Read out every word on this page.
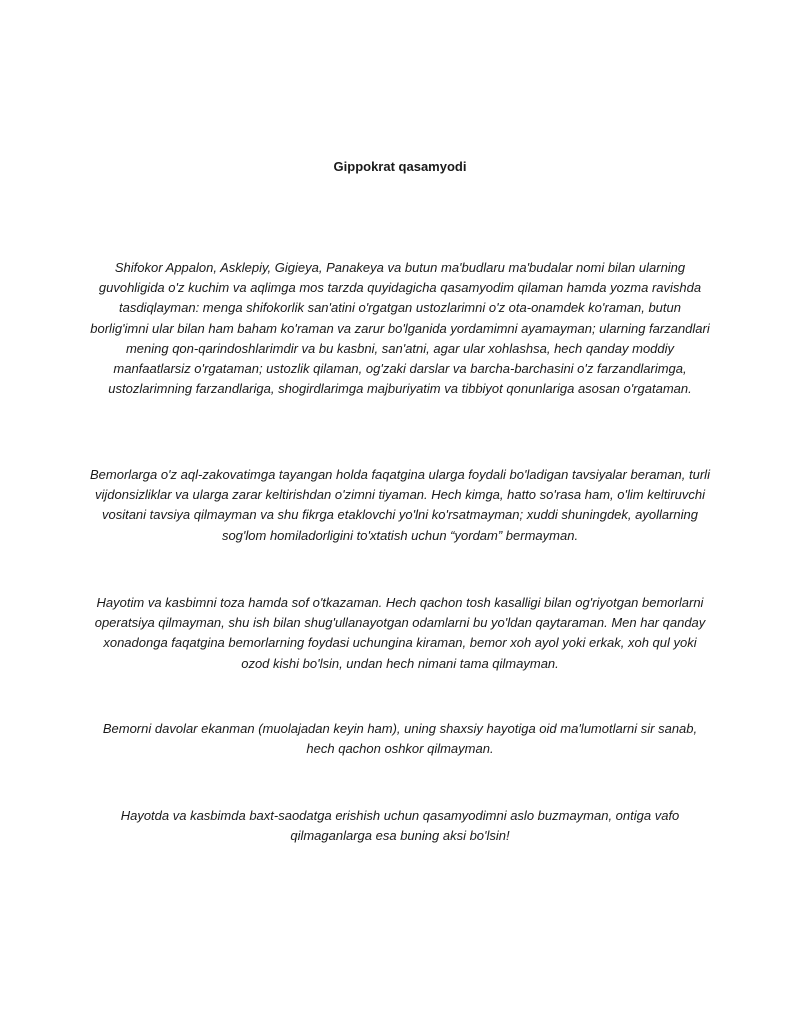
Gippokrat qasamyodi

Shifokor Appalon, Asklepiy, Gigieya, Panakeya va butun ma'budlaru ma'budalar nomi bilan ularning guvohligida o'z kuchim va aqlimga mos tarzda quyidagicha qasamyodim qilaman hamda yozma ravishda tasdiqlayman: menga shifokorlik san'atini o'rgatgan ustozlarimni o'z ota-onamdek ko'raman, butun borlig'imni ular bilan ham baham ko'raman va zarur bo'lganida yordamimni ayamayman; ularning farzandlari mening qon-qarindoshlarimdir va bu kasbni, san'atni, agar ular xohlashsa, hech qanday moddiy manfaatlarsiz o'rgataman; ustozlik qilaman, og'zaki darslar va barcha-barchasini o'z farzandlarimga, ustozlarimning farzandlariga, shogirdlarimga majburiyatim va tibbiyot qonunlariga asosan o'rgataman.

Bemorlarga o'z aql-zakovatimga tayangan holda faqatgina ularga foydali bo'ladigan tavsiyalar beraman, turli vijdonsizliklar va ularga zarar keltirishdan o'zimni tiyaman. Hech kimga, hatto so'rasa ham, o'lim keltiruvchi vositani tavsiya qilmayman va shu fikrga etaklovchi yo'lni ko'rsatmayman; xuddi shuningdek, ayollarning sog'lom homiladorligini to'xtatish uchun “yordam” bermayman.

Hayotim va kasbimni toza hamda sof o'tkazaman. Hech qachon tosh kasalligi bilan og'riyotgan bemorlarni operatsiya qilmayman, shu ish bilan shug'ullanayotgan odamlarni bu yo'ldan qaytaraman. Men har qanday xonadonga faqatgina bemorlarning foydasi uchungina kiraman, bemor xoh ayol yoki erkak, xoh qul yoki ozod kishi bo'lsin, undan hech nimani tama qilmayman.

Bemorni davolar ekanman (muolajadan keyin ham), uning shaxsiy hayotiga oid ma'lumotlarni sir sanab, hech qachon oshkor qilmayman.

Hayotda va kasbimda baxt-saodatga erishish uchun qasamyodimni aslo buzmayman, ontiga vafo qilmaganlarga esa buning aksi bo'lsin!
